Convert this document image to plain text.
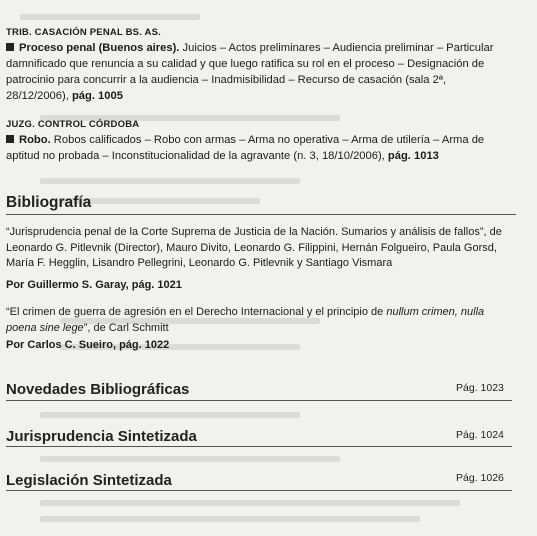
TRIB. CASACIÓN PENAL BS. AS.
Proceso penal (Buenos aires). Juicios – Actos preliminares – Audiencia preliminar – Particular damnificado que renuncia a su calidad y que luego ratifica su rol en el proceso – Designación de patrocinio para concurrir a la audiencia – Inadmisibilidad – Recurso de casación (sala 2ª, 28/12/2006), pág. 1005
JUZG. CONTROL CÓRDOBA
Robo. Robos calificados – Robo con armas – Arma no operativa – Arma de utilería – Arma de aptitud no probada – Inconstitucionalidad de la agravante (n. 3, 18/10/2006), pág. 1013
Bibliografía
“Jurisprudencia penal de la Corte Suprema de Justicia de la Nación. Sumarios y análisis de fallos”, de Leonardo G. Pitlevnik (Director), Mauro Divito, Leonardo G. Filippini, Hernán Folgueiro, Paula Gorsd, María F. Hegglin, Lisandro Pellegrini, Leonardo G. Pitlevnik y Santiago Vismara
Por Guillermo S. Garay, pág. 1021
“El crimen de guerra de agresión en el Derecho Internacional y el principio de nullum crimen, nulla poena sine lege”, de Carl Schmitt
Por Carlos C. Sueiro, pág. 1022
Novedades Bibliográficas	Pág. 1023
Jurisprudencia Sintetizada	Pág. 1024
Legislación Sintetizada	Pág. 1026
